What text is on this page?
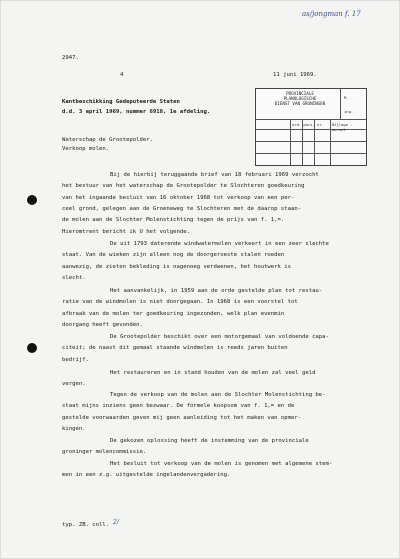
as/jongman f. 17
2947.
4	11 juni 1969.
Kantbeschikking Gedeputeerde Staten
d.d. 3 april 1969, nummer 6918, 1e afdeling.
Waterschap de Grootepolder.
Verkoop molen.
PROVINCIALE
PLANOLOGISCHE
DIENST VAN GRONINGEN
M.
ing.
ord. pers. nr. Bijlage - persel
Bij de hierbij teruggaande brief van 18 februari 1969 verzocht
het bestuur van het waterschap de Grootepolder te Slochteren goedkeuring
van het ingaande besluit van 16 oktober 1968 tot verkoop van een per-
ceel grond, gelegen aan de Groeneweg te Slochteren met de daarop staan-
de molen aan de Slochter Molenstichting tegen de prijs van f. 1,=.
Hieromtrent bericht ik U het volgende.
De uit 1793 daterende windwatermolen verkeert in een zeer slechte
staat. Van de wieken zijn alleen nog de doorgeroeste stalen roeden
aanwezig, de zieten bekleding is nagenoeg verdwenen, het houtwerk is
slecht.
Het aanvankelijk, in 1959 aan de orde gestelde plan tot restau-
ratie van de windmolen is niet doorgegaan. In 1968 is een voorstel tot
afbraak van de molen ter goedkeuring ingezonden, welk plan evenmin
doorgang heeft gevonden.
De Grootepolder beschikt over een motorgemaal van voldoende capa-
citeit; de naast dit gemaal staande windmolen is reeds jaren buiten
bedrijf.
Het restaureren en in stand houden van de molen zal veel geld
vergen.
Tegen de verkoop van de molen aan de Slochter Molenstichting be-
staat mijns inziens geen bezwaar. De formele koopsom van f. 1,= en de
gestelde voorwaarden geven mij geen aanleiding tot het maken van opmer-
kingen.
De gekozen oplossing heeft de instemming van de provinciale
groninger molencommissie.
Het besluit tot verkoop van de molen is genomen met algemene stem-
men in een z.g. uitgestelde ingelandenvergadering.
typ. ZB. coll. 2/
